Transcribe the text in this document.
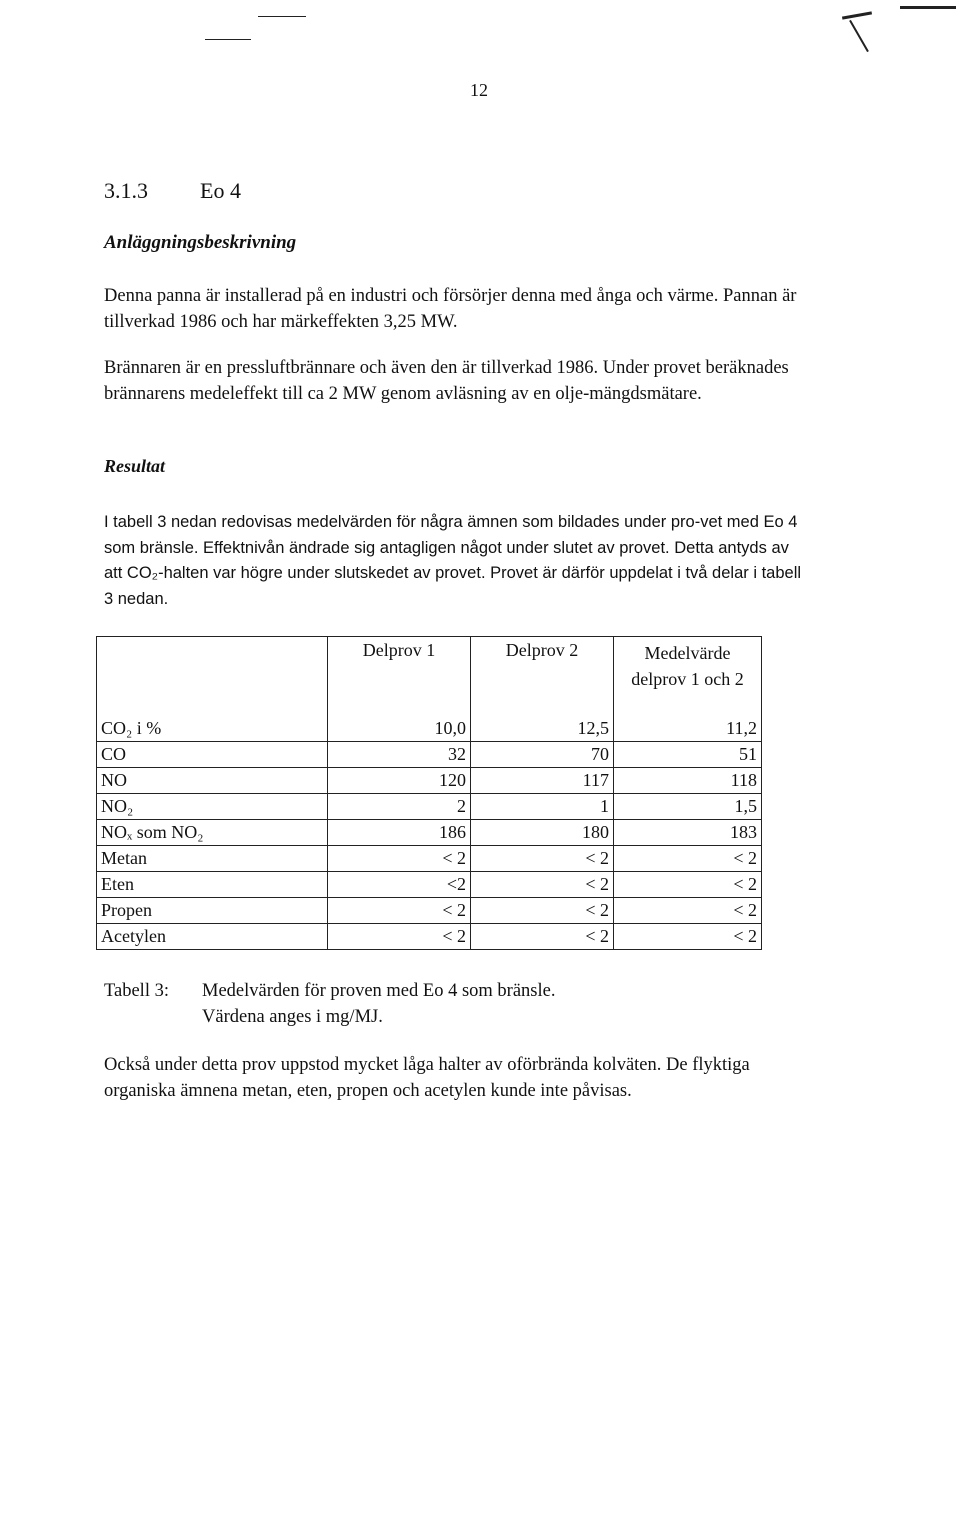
12
3.1.3 Eo 4
Anläggningsbeskrivning

Denna panna är installerad på en industri och försörjer denna med ånga och värme. Pannan är tillverkad 1986 och har märkeffekten 3,25 MW.

Brännaren är en pressluftbrännare och även den är tillverkad 1986. Under provet beräknades brännarens medeleffekt till ca 2 MW genom avläsning av en olje-mängdsmätare.

Resultat

I tabell 3 nedan redovisas medelvärden för några ämnen som bildades under pro-vet med Eo 4 som bränsle. Effektnivån ändrade sig antagligen något under slutet av provet. Detta antyds av att CO₂-halten var högre under slutskedet av provet. Provet är därför uppdelat i två delar i tabell 3 nedan.

	Delprov 1	Delprov 2	Medelvärde delprov 1 och 2
CO₂ i %	10,0	12,5	11,2
CO	32	70	51
NO	120	117	118
NO₂	2	1	1,5
NOₓ som NO₂	186	180	183
Metan	< 2	< 2	< 2
Eten	<2	< 2	< 2
Propen	< 2	< 2	< 2
Acetylen	< 2	< 2	< 2
Tabell 3: Medelvärden för proven med Eo 4 som bränsle.
Värdena anges i mg/MJ.

Också under detta prov uppstod mycket låga halter av oförbrända kolväten. De flyktiga organiska ämnena metan, eten, propen och acetylen kunde inte påvisas.
